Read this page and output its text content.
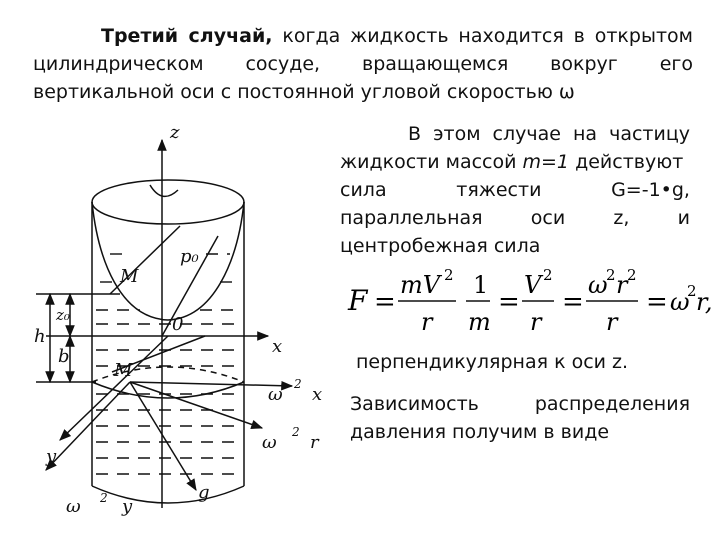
Третий случай, когда жидкость находится в открытом
цилиндрическом сосуде, вращающемся вокруг его
вертикальной оси с постоянной угловой скоростью ω
В этом случае на частицу
жидкости массой m=1 действуют
сила	тяжести	G=-1•g,
параллельная	оси	z,	и
центробежная сила
F =
mV 2
r
1
m
=
V 2
r
=
ω
2 r 2
r
= ω
2 r,
перпендикулярная к оси z.
Зависимость	распределения
давления получим в виде
z
p₀
M
0
x
M
z₀
h
b
y
g
ω 2 x
ω 2 r
ω 2 y
